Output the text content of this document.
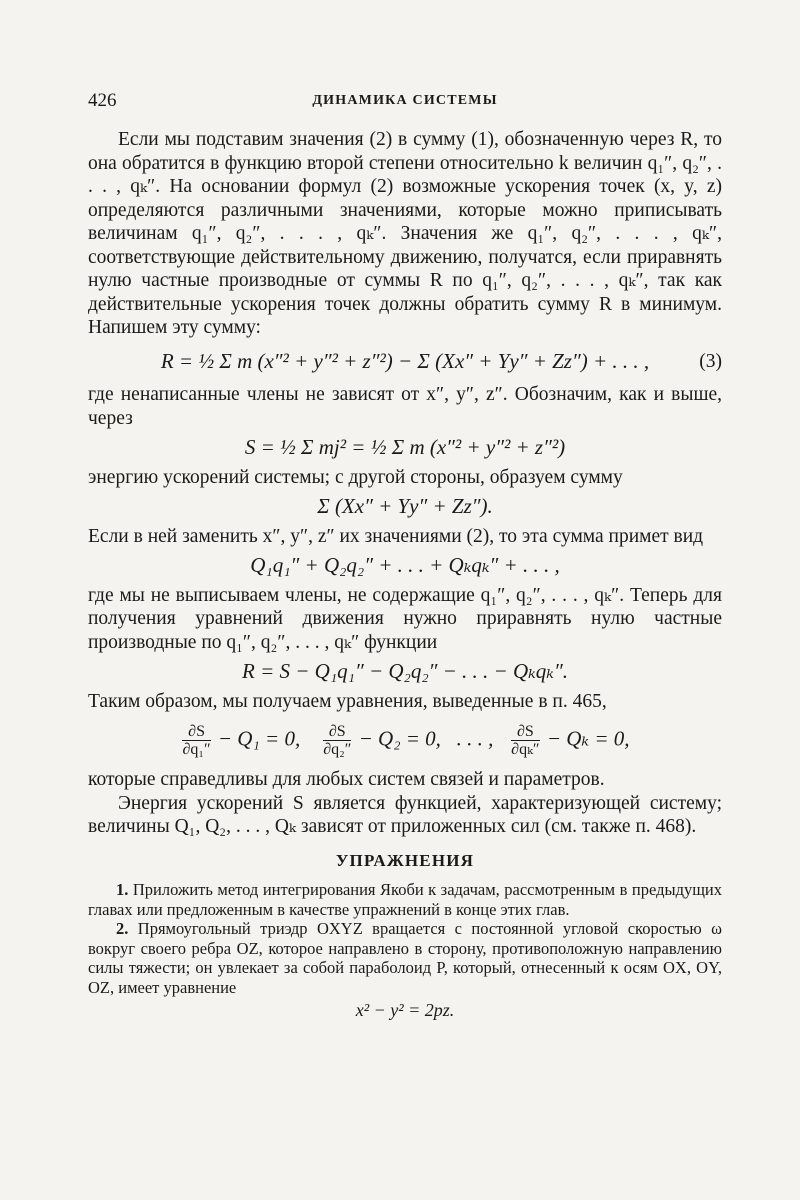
426	ДИНАМИКА СИСТЕМЫ

Если мы подставим значения (2) в сумму (1), обозначенную через R, то она обратится в функцию второй степени относительно k величин q₁″, q₂″, . . . , qₖ″. На основании формул (2) возможные ускорения точек (x, y, z) определяются различными значениями, которые можно приписывать величинам q₁″, q₂″, . . . , qₖ″. Значения же q₁″, q₂″, . . . , qₖ″, соответствующие действительному движению, получатся, если приравнять нулю частные производные от суммы R по q₁″, q₂″, . . . , qₖ″, так как действительные ускорения точек должны обратить сумму R в минимум. Напишем эту сумму:

R = ½ Σ m (x″² + y″² + z″²) − Σ (Xx″ + Yy″ + Zz″) + . . . ,	(3)

где ненаписанные члены не зависят от x″, y″, z″. Обозначим, как и выше, через

S = ½ Σ mj² = ½ Σ m (x″² + y″² + z″²)

энергию ускорений системы; с другой стороны, образуем сумму

Σ (Xx″ + Yy″ + Zz″).

Если в ней заменить x″, y″, z″ их значениями (2), то эта сумма примет вид

Q₁q₁″ + Q₂q₂″ + . . . + Qₖqₖ″ + . . . ,

где мы не выписываем члены, не содержащие q₁″, q₂″, . . . , qₖ″. Теперь для получения уравнений движения нужно приравнять нулю частные производные по q₁″, q₂″, . . . , qₖ″ функции

R = S − Q₁q₁″ − Q₂q₂″ − . . . − Qₖqₖ″.

Таким образом, мы получаем уравнения, выведенные в п. 465,

$\frac{\partial S}{\text{∂q₁″}} - Q_1 = 0$, $\frac{\partial S}{\text{∂q₂″}} - Q_2 = 0$, . . . , $\frac{\partial S}{\text{∂qₖ″}} - Q_k = 0$,

которые справедливы для любых систем связей и параметров.

Энергия ускорений S является функцией, характеризующей систему; величины Q₁, Q₂, . . . , Qₖ зависят от приложенных сил (см. также п. 468).

УПРАЖНЕНИЯ

1. Приложить метод интегрирования Якоби к задачам, рассмотренным в предыдущих главах или предложенным в качестве упражнений в конце этих глав.

2. Прямоугольный триэдр OXYZ вращается с постоянной угловой скоростью ω вокруг своего ребра OZ, которое направлено в сторону, противоположную направлению силы тяжести; он увлекает за собой параболоид P, который, отнесенный к осям OX, OY, OZ, имеет уравнение

x² − y² = 2pz.
